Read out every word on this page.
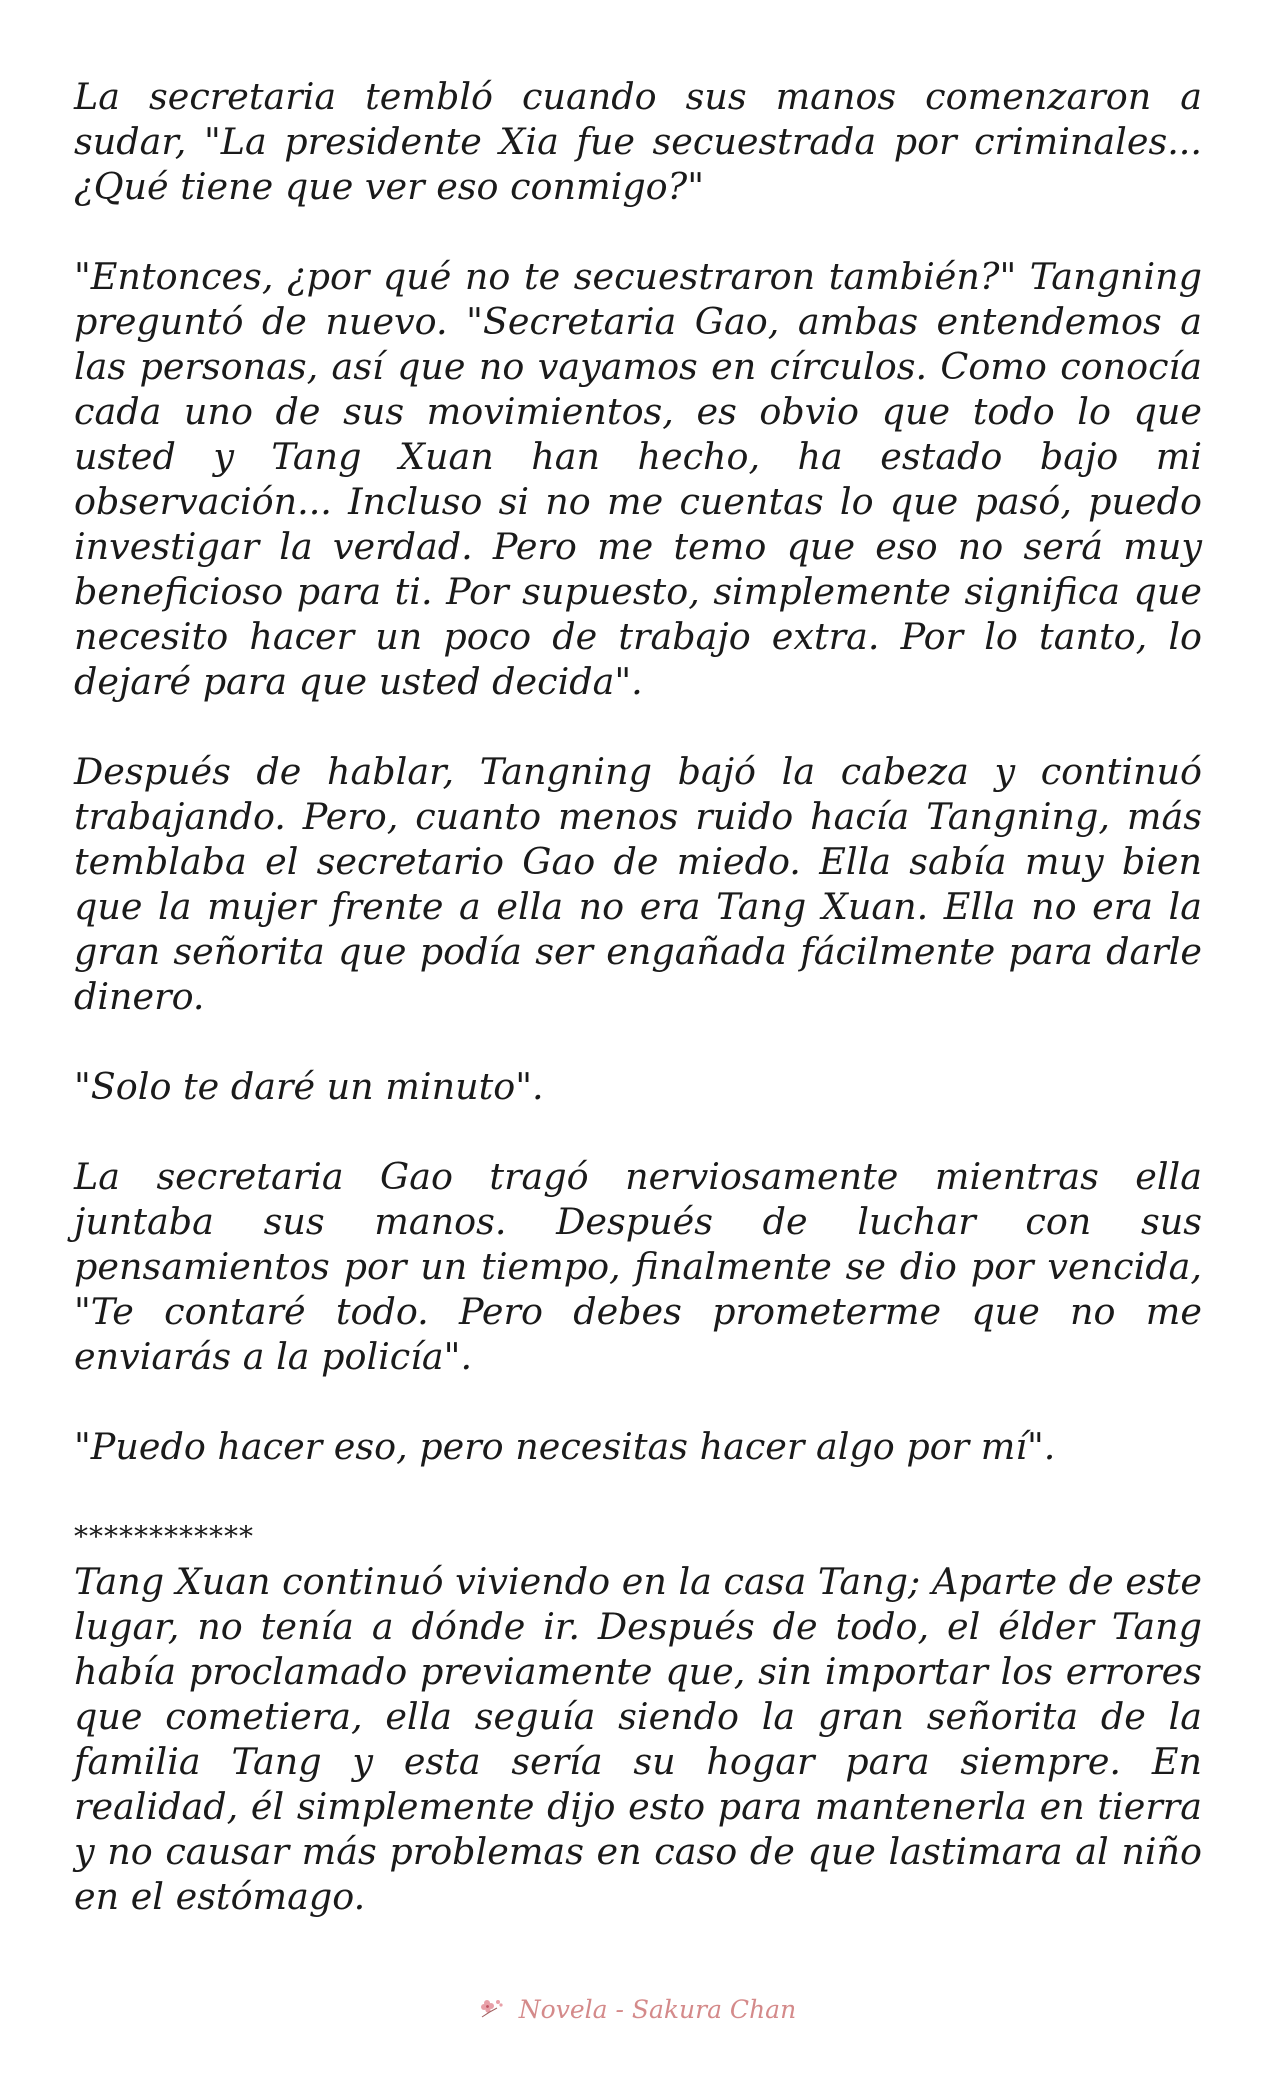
La secretaria tembló cuando sus manos comenzaron a sudar, "La presidente Xia fue secuestrada por criminales... ¿Qué tiene que ver eso conmigo?"

"Entonces, ¿por qué no te secuestraron también?" Tangning preguntó de nuevo. "Secretaria Gao, ambas entendemos a las personas, así que no vayamos en círculos. Como conocía cada uno de sus movimientos, es obvio que todo lo que usted y Tang Xuan han hecho, ha estado bajo mi observación... Incluso si no me cuentas lo que pasó, puedo investigar la verdad. Pero me temo que eso no será muy beneficioso para ti. Por supuesto, simplemente significa que necesito hacer un poco de trabajo extra. Por lo tanto, lo dejaré para que usted decida".

Después de hablar, Tangning bajó la cabeza y continuó trabajando. Pero, cuanto menos ruido hacía Tangning, más temblaba el secretario Gao de miedo. Ella sabía muy bien que la mujer frente a ella no era Tang Xuan. Ella no era la gran señorita que podía ser engañada fácilmente para darle dinero.

"Solo te daré un minuto".

La secretaria Gao tragó nerviosamente mientras ella juntaba sus manos. Después de luchar con sus pensamientos por un tiempo, finalmente se dio por vencida, "Te contaré todo. Pero debes prometerme que no me enviarás a la policía".

"Puedo hacer eso, pero necesitas hacer algo por mí".

************

Tang Xuan continuó viviendo en la casa Tang; Aparte de este lugar, no tenía a dónde ir. Después de todo, el élder Tang había proclamado previamente que, sin importar los errores que cometiera, ella seguía siendo la gran señorita de la familia Tang y esta sería su hogar para siempre. En realidad, él simplemente dijo esto para mantenerla en tierra y no causar más problemas en caso de que lastimara al niño en el estómago.

Novela - Sakura Chan
